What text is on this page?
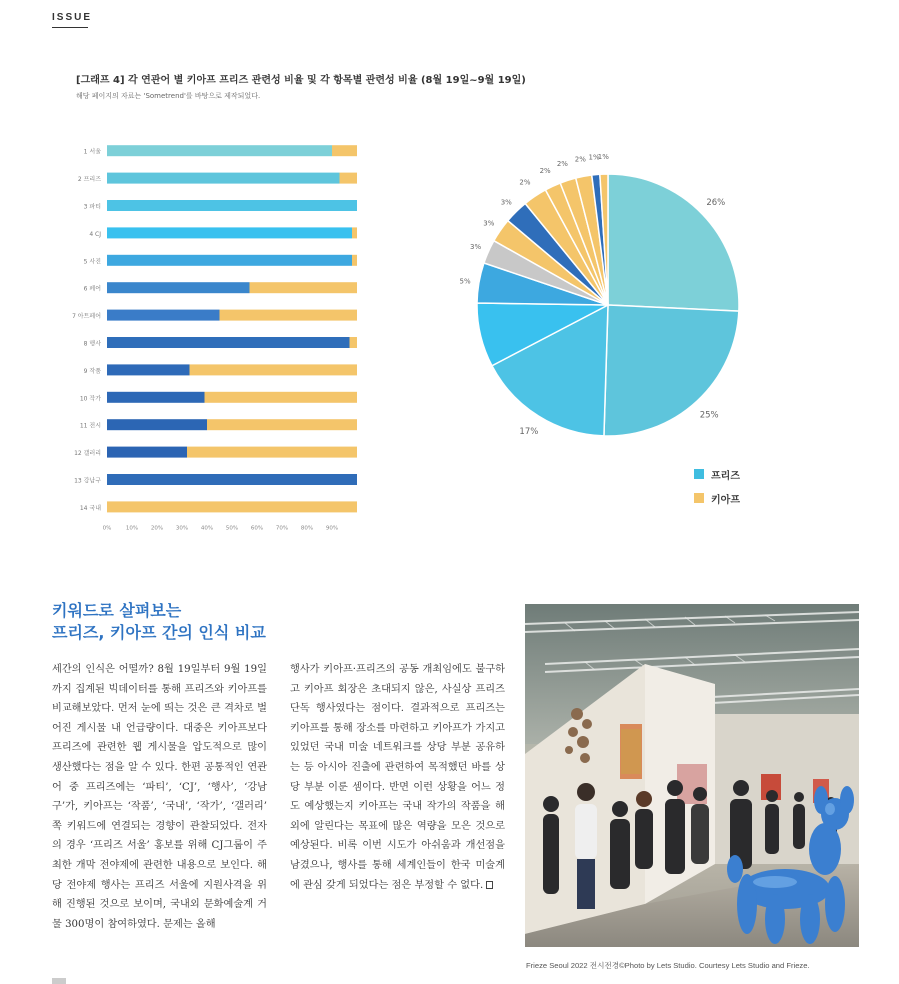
ISSUE
[그래프 4] 각 연관어 별 키아프 프리즈 관련성 비율 및 각 항목별 관련성 비율 (8월 19일~9월 19일)
해당 페이지의 자료는 'Sometrend'를 바탕으로 제작되었다.
1 서울
2 프리즈
3 파티
4 CJ
5 사진
6 페어
7 아트페어
8 행사
9 작품
10 작가
11 전시
12 갤러리
13 강남구
14 국내
0%	10% 20% 30% 40% 50% 60% 70% 80% 90%
26%
25%
17%
5%
3%
3%
3%
2%
2%
2%
2% 1%
1%
프리즈
키아프
키워드로 살펴보는
프리즈, 키아프 간의 인식 비교
세간의 인식은 어떨까? 8월 19일부터 9월 19일까지 집계된 빅데이터를 통해 프리즈와 키아프를 비교해보았다. 먼저 눈에 띄는 것은 큰 격차로 벌어진 게시물 내 언급량이다. 대중은 키아프보다 프리즈에 관련한 웹 게시물을 압도적으로 많이 생산했다는 점을 알 수 있다. 한편 공통적인 연관어 중 프리즈에는 ‘파티’, ‘CJ’, ‘행사’, ‘강남구’가, 키아프는 ‘작품’, ‘국내’, ‘작가’, ‘갤러리’ 쪽 키워드에 연결되는 경향이 관찰되었다. 전자의 경우 ‘프리즈 서울’ 홍보를 위해 CJ그룹이 주최한 개막 전야제에 관련한 내용으로 보인다. 해당 전야제 행사는 프리즈 서울에 지원사격을 위해 진행된 것으로 보이며, 국내외 문화예술계 거물 300명이 참여하였다. 문제는 올해
행사가 키아프·프리즈의 공동 개최임에도 불구하고 키아프 회장은 초대되지 않은, 사실상 프리즈 단독 행사였다는 점이다. 결과적으로 프리즈는 키아프를 통해 장소를 마련하고 키아프가 가지고 있었던 국내 미술 네트워크를 상당 부분 공유하는 등 아시아 진출에 관련하여 목적했던 바를 상당 부분 이룬 셈이다. 반면 이런 상황을 어느 정도 예상했는지 키아프는 국내 작가의 작품을 해외에 알린다는 목표에 많은 역량을 모은 것으로 예상된다. 비록 이번 시도가 아쉬움과 개선점을 남겼으나, 행사를 통해 세계인들이 한국 미술계에 관심 갖게 되었다는 점은 부정할 수 없다.
Frieze Seoul 2022 전시전경©Photo by Lets Studio. Courtesy Lets Studio and Frieze.
